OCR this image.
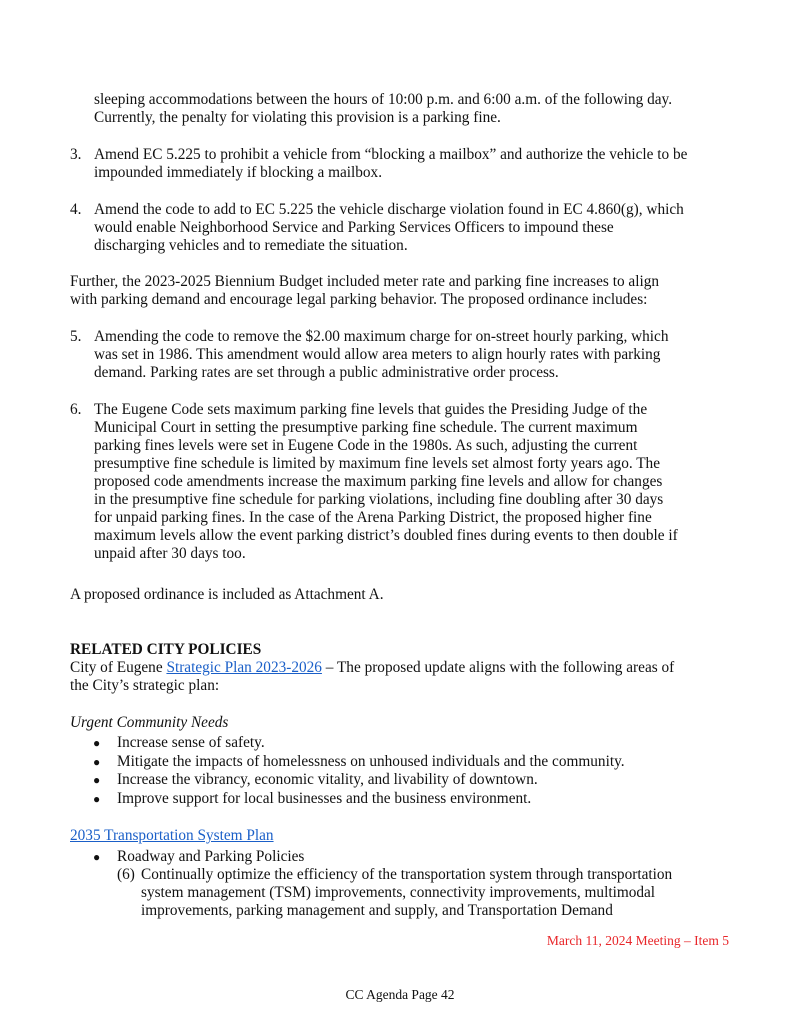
sleeping accommodations between the hours of 10:00 p.m. and 6:00 a.m. of the following day.
Currently, the penalty for violating this provision is a parking fine.
3. Amend EC 5.225 to prohibit a vehicle from “blocking a mailbox” and authorize the vehicle to be
impounded immediately if blocking a mailbox.
4. Amend the code to add to EC 5.225 the vehicle discharge violation found in EC 4.860(g), which
would enable Neighborhood Service and Parking Services Officers to impound these
discharging vehicles and to remediate the situation.
Further, the 2023-2025 Biennium Budget included meter rate and parking fine increases to align
with parking demand and encourage legal parking behavior. The proposed ordinance includes:
5. Amending the code to remove the $2.00 maximum charge for on-street hourly parking, which
was set in 1986. This amendment would allow area meters to align hourly rates with parking
demand. Parking rates are set through a public administrative order process.
6. The Eugene Code sets maximum parking fine levels that guides the Presiding Judge of the
Municipal Court in setting the presumptive parking fine schedule. The current maximum
parking fines levels were set in Eugene Code in the 1980s. As such, adjusting the current
presumptive fine schedule is limited by maximum fine levels set almost forty years ago. The
proposed code amendments increase the maximum parking fine levels and allow for changes
in the presumptive fine schedule for parking violations, including fine doubling after 30 days
for unpaid parking fines. In the case of the Arena Parking District, the proposed higher fine
maximum levels allow the event parking district’s doubled fines during events to then double if
unpaid after 30 days too.
A proposed ordinance is included as Attachment A.
RELATED CITY POLICIES
City of Eugene Strategic Plan 2023-2026 – The proposed update aligns with the following areas of
the City’s strategic plan:
Urgent Community Needs
● Increase sense of safety.
● Mitigate the impacts of homelessness on unhoused individuals and the community.
● Increase the vibrancy, economic vitality, and livability of downtown.
● Improve support for local businesses and the business environment.
2035 Transportation System Plan
● Roadway and Parking Policies
(6) Continually optimize the efficiency of the transportation system through transportation
system management (TSM) improvements, connectivity improvements, multimodal
improvements, parking management and supply, and Transportation Demand
March 11, 2024 Meeting – Item 5
CC Agenda Page 42
